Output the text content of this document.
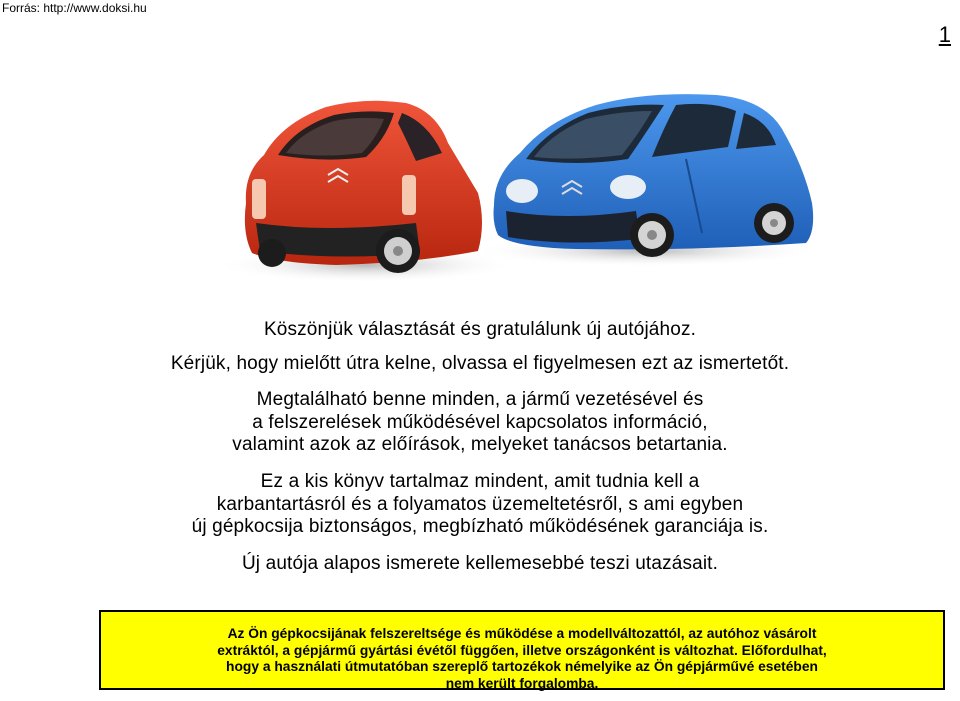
Forrás: http://www.doksi.hu
1

Köszönjük választását és gratulálunk új autójához.

Kérjük, hogy mielőtt útra kelne, olvassa el figyelmesen ezt az ismertetőt.

Megtalálható benne minden, a jármű vezetésével és

a felszerelések működésével kapcsolatos információ,

valamint azok az előírások, melyeket tanácsos betartania.

Ez a kis könyv tartalmaz mindent, amit tudnia kell a

karbantartásról és a folyamatos üzemeltetésről, s ami egyben

új gépkocsija biztonságos, megbízható működésének garanciája is.

Új autója alapos ismerete kellemesebbé teszi utazásait.

Az Ön gépkocsijának felszereltsége és működése a modellváltozattól, az autóhoz vásárolt

extráktól, a gépjármű gyártási évétől függően, illetve országonként is változhat. Előfordulhat,

hogy a használati útmutatóban szereplő tartozékok némelyike az Ön gépjárművé esetében

nem került forgalomba.
